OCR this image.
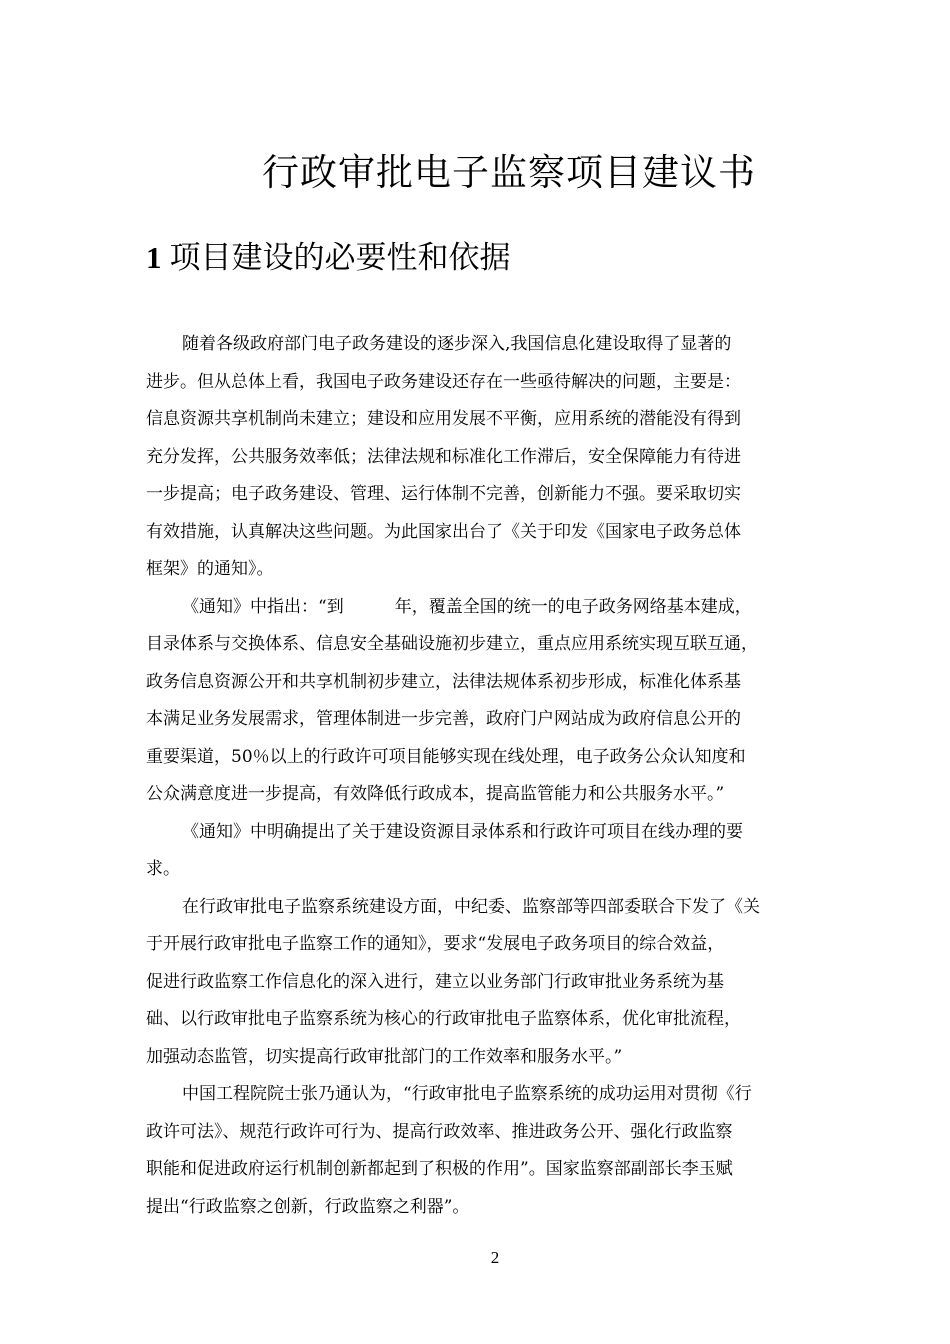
行政审批电子监察项目建议书
1 项目建设的必要性和依据

随着各级政府部门电子政务建设的逐步深入,我国信息化建设取得了显著的
进步。但从总体上看，我国电子政务建设还存在一些亟待解决的问题，主要是：
信息资源共享机制尚未建立；建设和应用发展不平衡，应用系统的潜能没有得到
充分发挥，公共服务效率低；法律法规和标准化工作滞后，安全保障能力有待进
一步提高；电子政务建设、管理、运行体制不完善，创新能力不强。要采取切实
有效措施，认真解决这些问题。为此国家出台了《关于印发《国家电子政务总体
框架》的通知》。

《通知》中指出：“到　　　年，覆盖全国的统一的电子政务网络基本建成，
目录体系与交换体系、信息安全基础设施初步建立，重点应用系统实现互联互通，
政务信息资源公开和共享机制初步建立，法律法规体系初步形成，标准化体系基
本满足业务发展需求，管理体制进一步完善，政府门户网站成为政府信息公开的
重要渠道，50％以上的行政许可项目能够实现在线处理，电子政务公众认知度和
公众满意度进一步提高，有效降低行政成本，提高监管能力和公共服务水平。”

《通知》中明确提出了关于建设资源目录体系和行政许可项目在线办理的要
求。

在行政审批电子监察系统建设方面，中纪委、监察部等四部委联合下发了《关
于开展行政审批电子监察工作的通知》，要求“发展电子政务项目的综合效益，
促进行政监察工作信息化的深入进行，建立以业务部门行政审批业务系统为基
础、以行政审批电子监察系统为核心的行政审批电子监察体系，优化审批流程，
加强动态监管，切实提高行政审批部门的工作效率和服务水平。”

中国工程院院士张乃通认为，“行政审批电子监察系统的成功运用对贯彻《行
政许可法》、规范行政许可行为、提高行政效率、推进政务公开、强化行政监察
职能和促进政府运行机制创新都起到了积极的作用”。国家监察部副部长李玉赋
提出“行政监察之创新，行政监察之利器”。

2
